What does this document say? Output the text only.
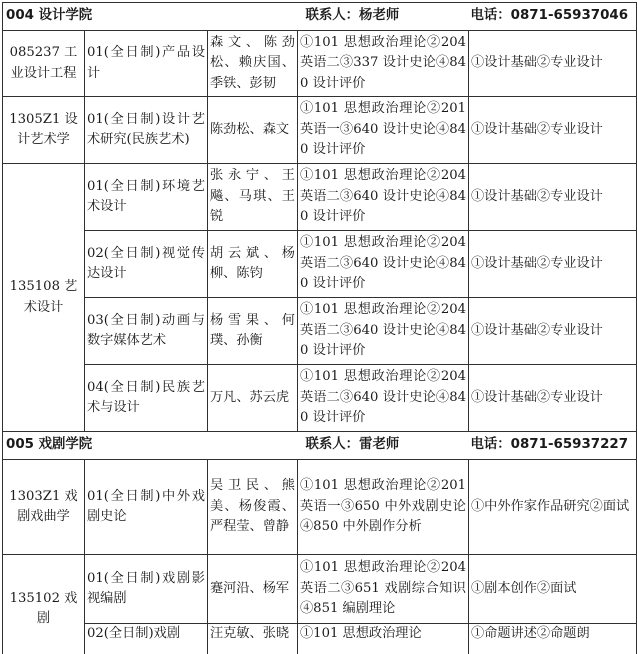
004 设计学院			联系人：杨老师	电话：0871-65937046
085237 工业设计工程	01(全日制)产品设计	森文、陈劲松、赖庆国、季铁、彭韧	①101 思想政治理论②204 英语二③337 设计史论④840 设计评价	①设计基础②专业设计
1305Z1 设计艺术学	01(全日制)设计艺术研究(民族艺术)	陈劲松、森文	①101 思想政治理论②201 英语一③640 设计史论④840 设计评价	①设计基础②专业设计
135108 艺术设计	01(全日制)环境艺术设计	张永宁、王飚、马琪、王锐	①101 思想政治理论②204 英语二③640 设计史论④840 设计评价	①设计基础②专业设计
	02(全日制)视觉传达设计	胡云斌、杨柳、陈钧	①101 思想政治理论②204 英语二③640 设计史论④840 设计评价	①设计基础②专业设计
	03(全日制)动画与数字媒体艺术	杨雪果、何璞、孙衡	①101 思想政治理论②204 英语二③640 设计史论④840 设计评价	①设计基础②专业设计
	04(全日制)民族艺术与设计	万凡、苏云虎	①101 思想政治理论②204 英语二③640 设计史论④840 设计评价	①设计基础②专业设计
005 戏剧学院			联系人：雷老师	电话：0871-65937227
1303Z1 戏剧戏曲学	01(全日制)中外戏剧史论	吴卫民、熊美、杨俊霞、严程莹、曾静	①101 思想政治理论②201 英语一③650 中外戏剧史论④850 中外剧作分析	①中外作家作品研究②面试
135102 戏剧	01(全日制)戏剧影视编剧	蹇河沿、杨军	①101 思想政治理论②204 英语二③651 戏剧综合知识④851 编剧理论	①剧本创作②面试
	02(全日制)戏剧	汪克敏、张晓	①101 思想政治理论	①命题讲述②命题朗
